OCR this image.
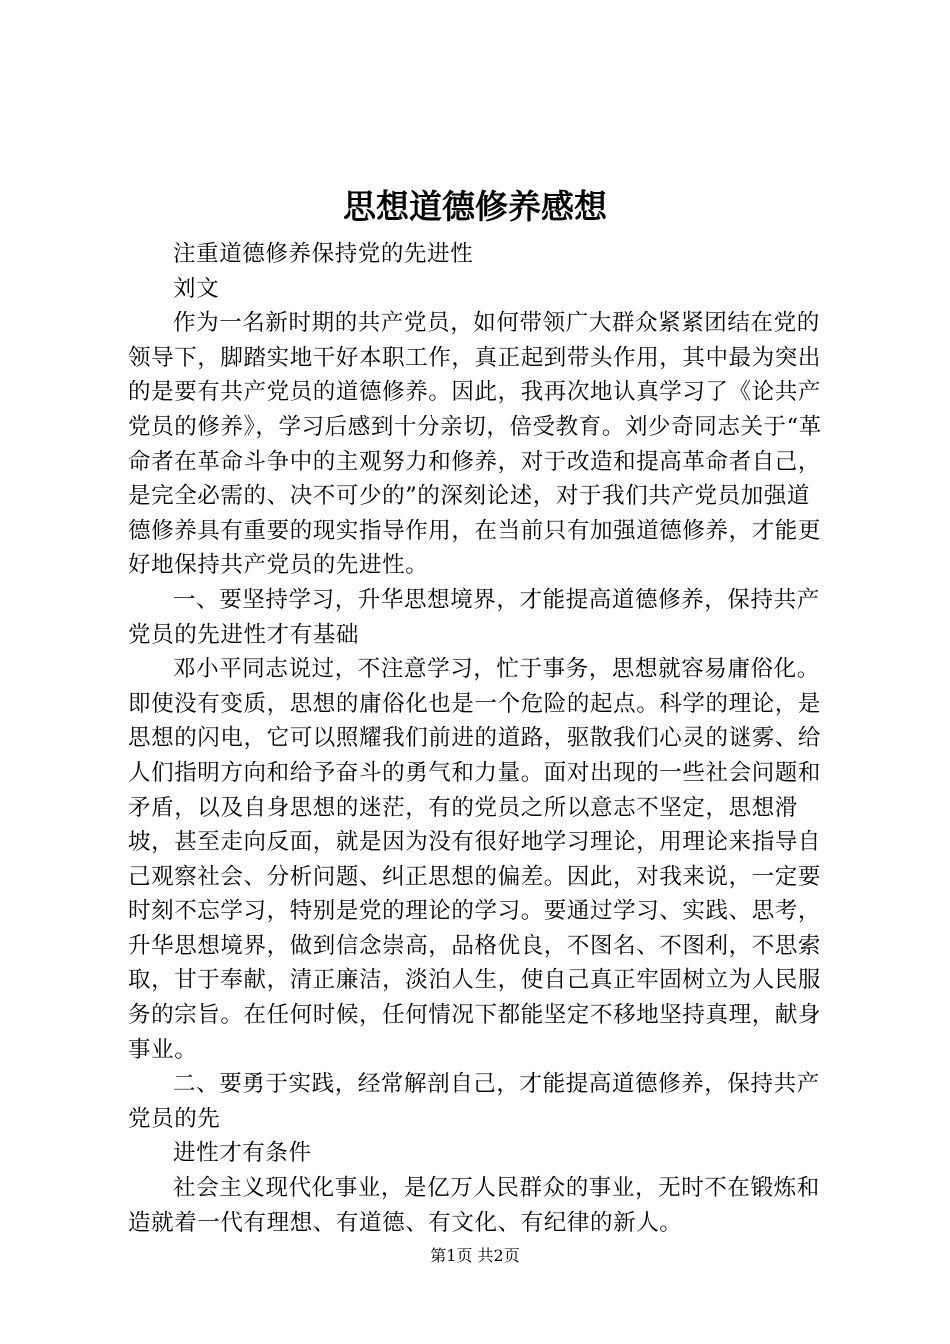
思想道德修养感想

注重道德修养保持党的先进性

刘文

作为一名新时期的共产党员，如何带领广大群众紧紧团结在党的领导下，脚踏实地干好本职工作，真正起到带头作用，其中最为突出的是要有共产党员的道德修养。因此，我再次地认真学习了《论共产党员的修养》，学习后感到十分亲切，倍受教育。刘少奇同志关于“革命者在革命斗争中的主观努力和修养，对于改造和提高革命者自己，是完全必需的、决不可少的”的深刻论述，对于我们共产党员加强道德修养具有重要的现实指导作用，在当前只有加强道德修养，才能更好地保持共产党员的先进性。

一、要坚持学习，升华思想境界，才能提高道德修养，保持共产党员的先进性才有基础

邓小平同志说过，不注意学习，忙于事务，思想就容易庸俗化。即使没有变质，思想的庸俗化也是一个危险的起点。科学的理论，是思想的闪电，它可以照耀我们前进的道路，驱散我们心灵的谜雾、给人们指明方向和给予奋斗的勇气和力量。面对出现的一些社会问题和矛盾，以及自身思想的迷茫，有的党员之所以意志不坚定，思想滑坡，甚至走向反面，就是因为没有很好地学习理论，用理论来指导自己观察社会、分析问题、纠正思想的偏差。因此，对我来说，一定要时刻不忘学习，特别是党的理论的学习。要通过学习、实践、思考，升华思想境界，做到信念崇高，品格优良，不图名、不图利，不思索取，甘于奉献，清正廉洁，淡泊人生，使自己真正牢固树立为人民服务的宗旨。在任何时候，任何情况下都能坚定不移地坚持真理，献身事业。

二、要勇于实践，经常解剖自己，才能提高道德修养，保持共产党员的先

进性才有条件

社会主义现代化事业，是亿万人民群众的事业，无时不在锻炼和造就着一代有理想、有道德、有文化、有纪律的新人。

第1页 共2页
